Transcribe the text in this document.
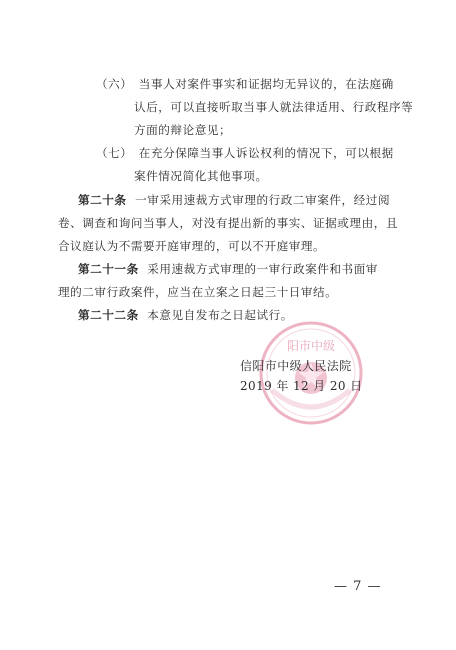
（六）　当事人对案件事实和证据均无异议的，在法庭确
认后，可以直接听取当事人就法律适用、行政程序等
方面的辩论意见；
（七）　在充分保障当事人诉讼权利的情况下，可以根据
案件情况简化其他事项。
第二十条 一审采用速裁方式审理的行政二审案件，经过阅
卷、调查和询问当事人，对没有提出新的事实、证据或理由，且
合议庭认为不需要开庭审理的，可以不开庭审理。
第二十一条 采用速裁方式审理的一审行政案件和书面审
理的二审行政案件，应当在立案之日起三十日审结。
第二十二条 本意见自发布之日起试行。
阳市中级
信阳市中级人民法院
2019 年 12 月 20 日
— 7 —
